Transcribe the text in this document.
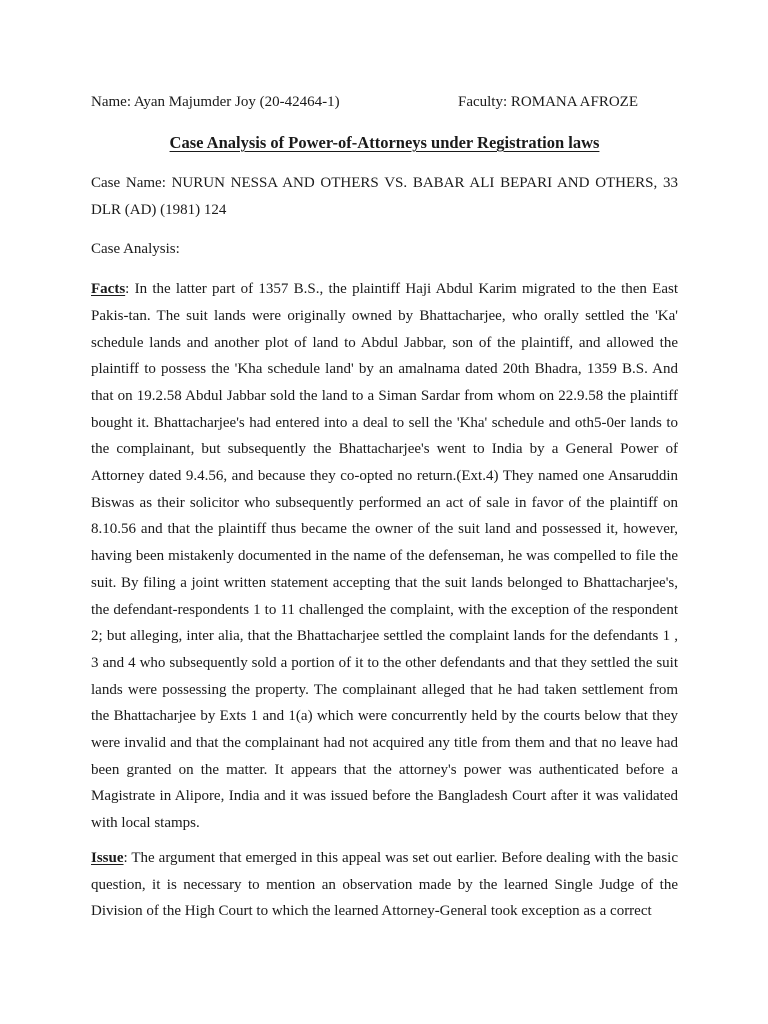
Name: Ayan Majumder Joy (20-42464-1)	Faculty: ROMANA AFROZE
Case Analysis of Power-of-Attorneys under Registration laws

Case Name: NURUN NESSA AND OTHERS VS. BABAR ALI BEPARI AND OTHERS, 33 DLR (AD) (1981) 124

Case Analysis:

Facts: In the latter part of 1357 B.S., the plaintiff Haji Abdul Karim migrated to the then East Pakis-tan. The suit lands were originally owned by Bhattacharjee, who orally settled the 'Ka' schedule lands and another plot of land to Abdul Jabbar, son of the plaintiff, and allowed the plaintiff to possess the 'Kha schedule land' by an amalnama dated 20th Bhadra, 1359 B.S. And that on 19.2.58 Abdul Jabbar sold the land to a Siman Sardar from whom on 22.9.58 the plaintiff bought it. Bhattacharjee's had entered into a deal to sell the 'Kha' schedule and oth5-0er lands to the complainant, but subsequently the Bhattacharjee's went to India by a General Power of Attorney dated 9.4.56, and because they co-opted no return.(Ext.4) They named one Ansaruddin Biswas as their solicitor who subsequently performed an act of sale in favor of the plaintiff on 8.10.56 and that the plaintiff thus became the owner of the suit land and possessed it, however, having been mistakenly documented in the name of the defenseman, he was compelled to file the suit. By filing a joint written statement accepting that the suit lands belonged to Bhattacharjee's, the defendant-respondents 1 to 11 challenged the complaint, with the exception of the respondent 2; but alleging, inter alia, that the Bhattacharjee settled the complaint lands for the defendants 1 , 3 and 4 who subsequently sold a portion of it to the other defendants and that they settled the suit lands were possessing the property. The complainant alleged that he had taken settlement from the Bhattacharjee by Exts 1 and 1(a) which were concurrently held by the courts below that they were invalid and that the complainant had not acquired any title from them and that no leave had been granted on the matter. It appears that the attorney's power was authenticated before a Magistrate in Alipore, India and it was issued before the Bangladesh Court after it was validated with local stamps.

Issue: The argument that emerged in this appeal was set out earlier. Before dealing with the basic question, it is necessary to mention an observation made by the learned Single Judge of the Division of the High Court to which the learned Attorney-General took exception as a correct
